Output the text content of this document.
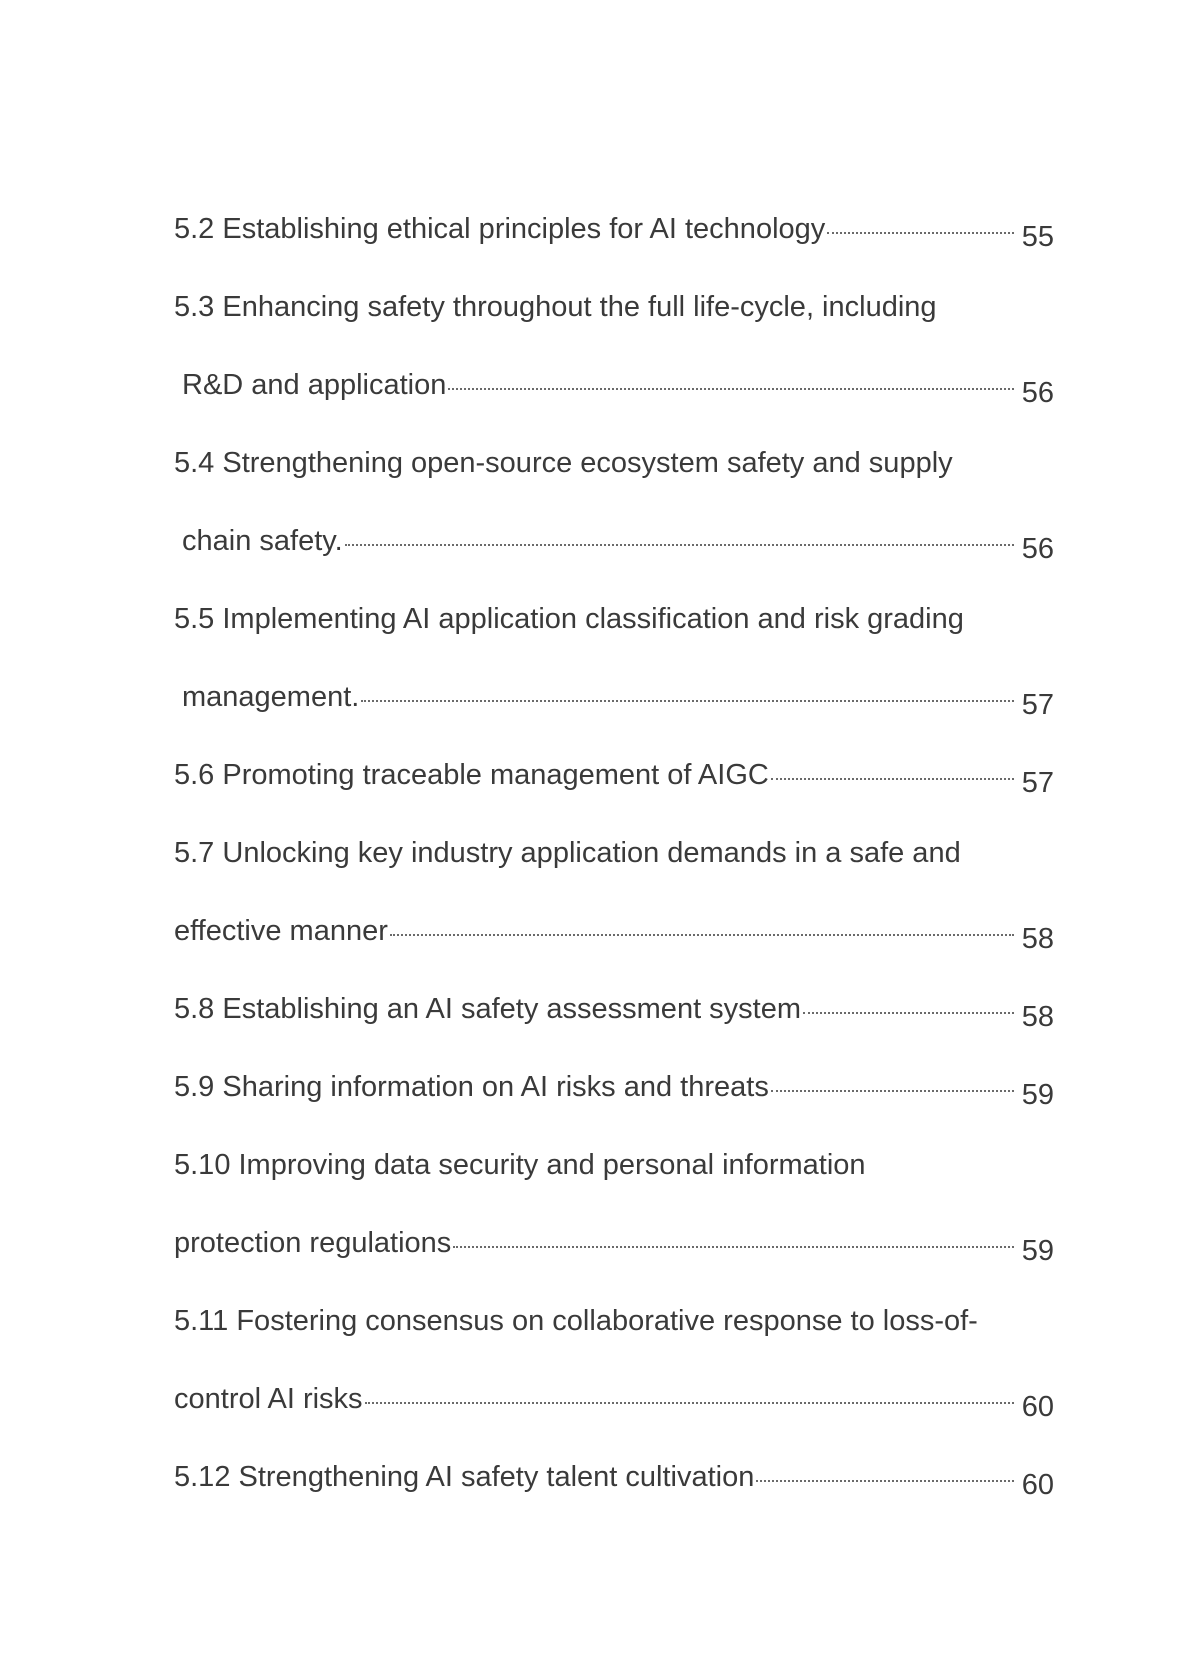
5.2 Establishing ethical principles for AI technology	55
5.3 Enhancing safety throughout the full life-cycle, including
R&D and application	56
5.4 Strengthening open-source ecosystem safety and supply
chain safety.	56
5.5 Implementing AI application classification and risk grading
management.	57
5.6 Promoting traceable management of AIGC	57
5.7 Unlocking key industry application demands in a safe and
effective manner	58
5.8 Establishing an AI safety assessment system	58
5.9 Sharing information on AI risks and threats	59
5.10 Improving data security and personal information
protection regulations	59
5.11 Fostering consensus on collaborative response to loss-of-
control AI risks	60
5.12 Strengthening AI safety talent cultivation	60
